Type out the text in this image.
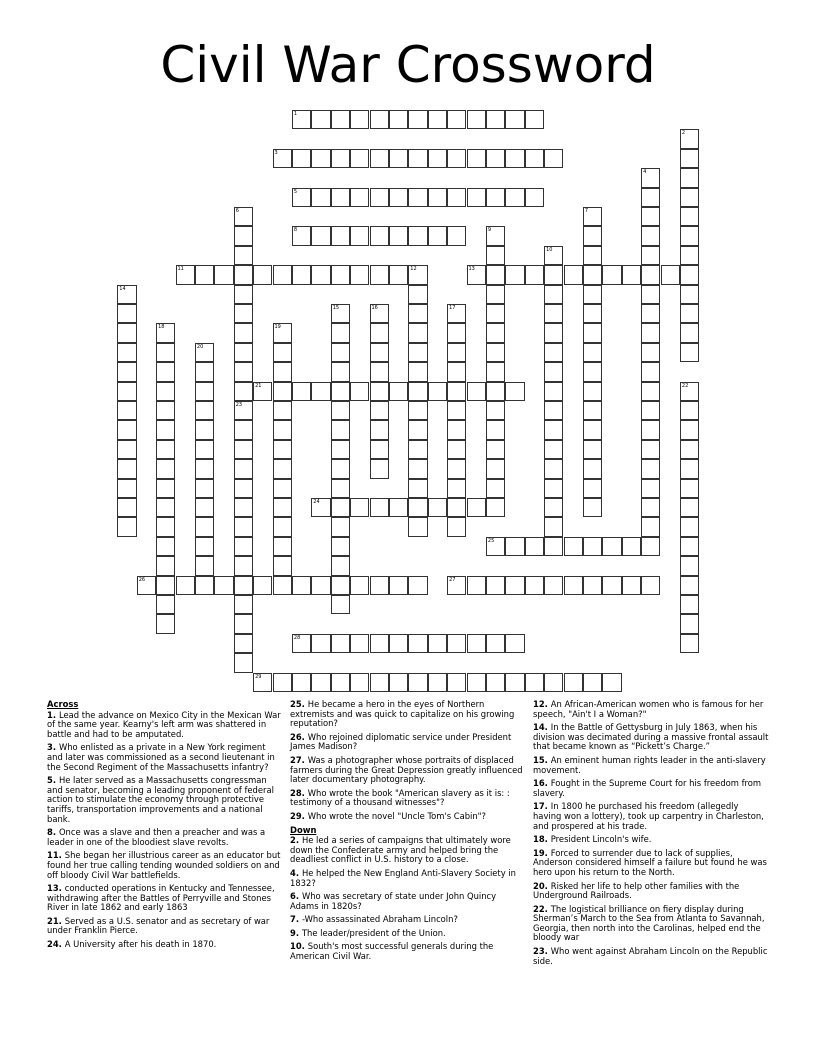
Civil War Crossword
1
2
3
4
5
6	7
8	9
10
11	12	13
14
15	16	17
18	19
20
21	22
23
24
25
26	27
28
29
Across
1. Lead the advance on Mexico City in the Mexican War of the same year. Kearny's left arm was shattered in battle and had to be amputated.
3. Who enlisted as a private in a New York regiment and later was commissioned as a second lieutenant in the Second Regiment of the Massachusetts infantry?
5. He later served as a Massachusetts congressman and senator, becoming a leading proponent of federal action to stimulate the economy through protective tariffs, transportation improvements and a national bank.
8. Once was a slave and then a preacher and was a leader in one of the bloodiest slave revolts.
11. She began her illustrious career as an educator but found her true calling tending wounded soldiers on and off bloody Civil War battlefields.
13. conducted operations in Kentucky and Tennessee, withdrawing after the Battles of Perryville and Stones River in late 1862 and early 1863
21. Served as a U.S. senator and as secretary of war under Franklin Pierce.
24. A University after his death in 1870.
25. He became a hero in the eyes of Northern extremists and was quick to capitalize on his growing reputation?
26. Who rejoined diplomatic service under President James Madison?
27. Was a photographer whose portraits of displaced farmers during the Great Depression greatly influenced later documentary photography.
28. Who wrote the book "American slavery as it is: : testimony of a thousand witnesses"?
29. Who wrote the novel "Uncle Tom's Cabin"?
Down
2. He led a series of campaigns that ultimately wore down the Confederate army and helped bring the deadliest conflict in U.S. history to a close.
4. He helped the New England Anti-Slavery Society in 1832?
6. Who was secretary of state under John Quincy Adams in 1820s?
7. -Who assassinated Abraham Lincoln?
9. The leader/president of the Union.
10. South's most successful generals during the American Civil War.
12. An African-American women who is famous for her speech, "Ain't I a Woman?"
14. In the Battle of Gettysburg in July 1863, when his division was decimated during a massive frontal assault that became known as “Pickett’s Charge.”
15. An eminent human rights leader in the anti-slavery movement.
16. Fought in the Supreme Court for his freedom from slavery.
17. In 1800 he purchased his freedom (allegedly having won a lottery), took up carpentry in Charleston, and prospered at his trade.
18. President Lincoln's wife.
19. Forced to surrender due to lack of supplies, Anderson considered himself a failure but found he was hero upon his return to the North.
20. Risked her life to help other families with the Underground Railroads.
22. The logistical brilliance on fiery display during Sherman’s March to the Sea from Atlanta to Savannah, Georgia, then north into the Carolinas, helped end the bloody war
23. Who went against Abraham Lincoln on the Republic side.
